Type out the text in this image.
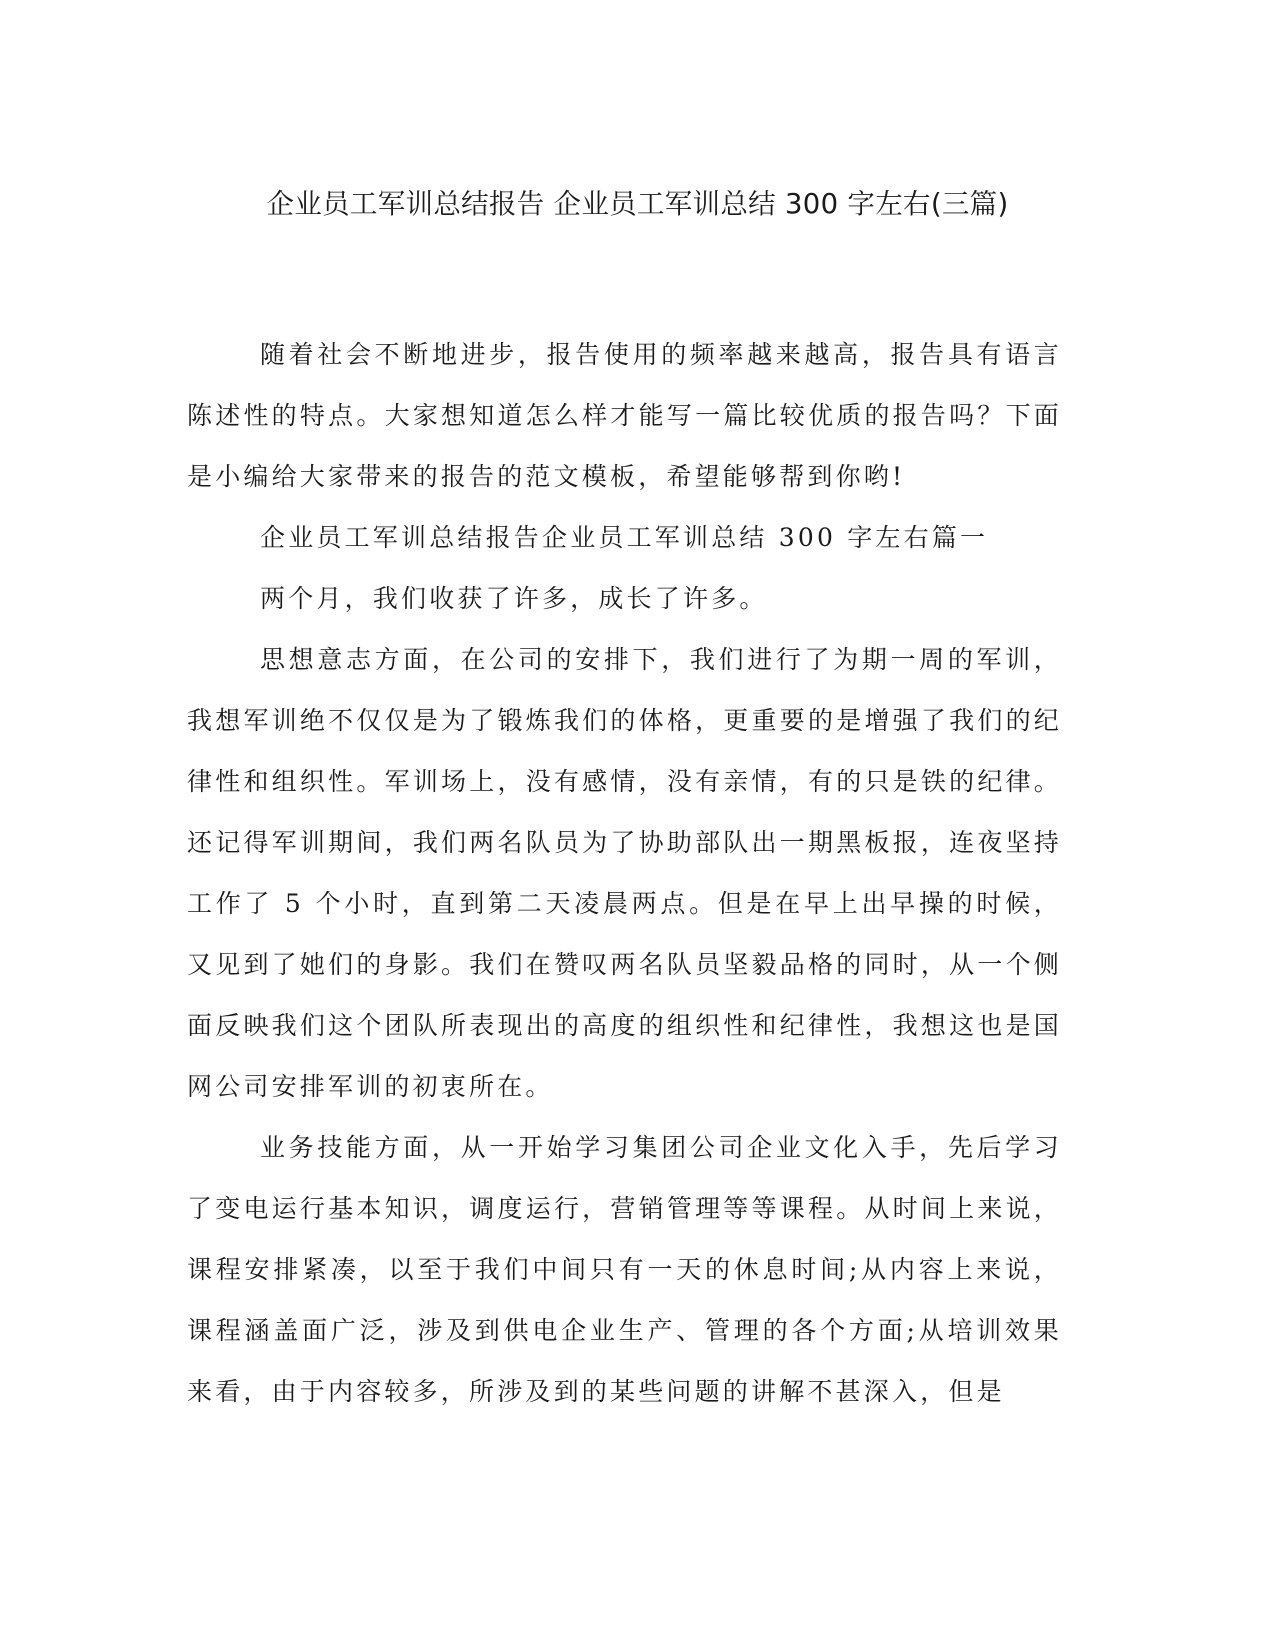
企业员工军训总结报告 企业员工军训总结 300 字左右(三篇)

随着社会不断地进步，报告使用的频率越来越高，报告具有语言陈述性的特点。大家想知道怎么样才能写一篇比较优质的报告吗？下面是小编给大家带来的报告的范文模板，希望能够帮到你哟!

企业员工军训总结报告企业员工军训总结 300 字左右篇一

两个月，我们收获了许多，成长了许多。

思想意志方面，在公司的安排下，我们进行了为期一周的军训，我想军训绝不仅仅是为了锻炼我们的体格，更重要的是增强了我们的纪律性和组织性。军训场上，没有感情，没有亲情，有的只是铁的纪律。还记得军训期间，我们两名队员为了协助部队出一期黑板报，连夜坚持工作了 5 个小时，直到第二天凌晨两点。但是在早上出早操的时候，又见到了她们的身影。我们在赞叹两名队员坚毅品格的同时，从一个侧面反映我们这个团队所表现出的高度的组织性和纪律性，我想这也是国网公司安排军训的初衷所在。

业务技能方面，从一开始学习集团公司企业文化入手，先后学习了变电运行基本知识，调度运行，营销管理等等课程。从时间上来说，课程安排紧凑，以至于我们中间只有一天的休息时间;从内容上来说，课程涵盖面广泛，涉及到供电企业生产、管理的各个方面;从培训效果来看，由于内容较多，所涉及到的某些问题的讲解不甚深入，但是
